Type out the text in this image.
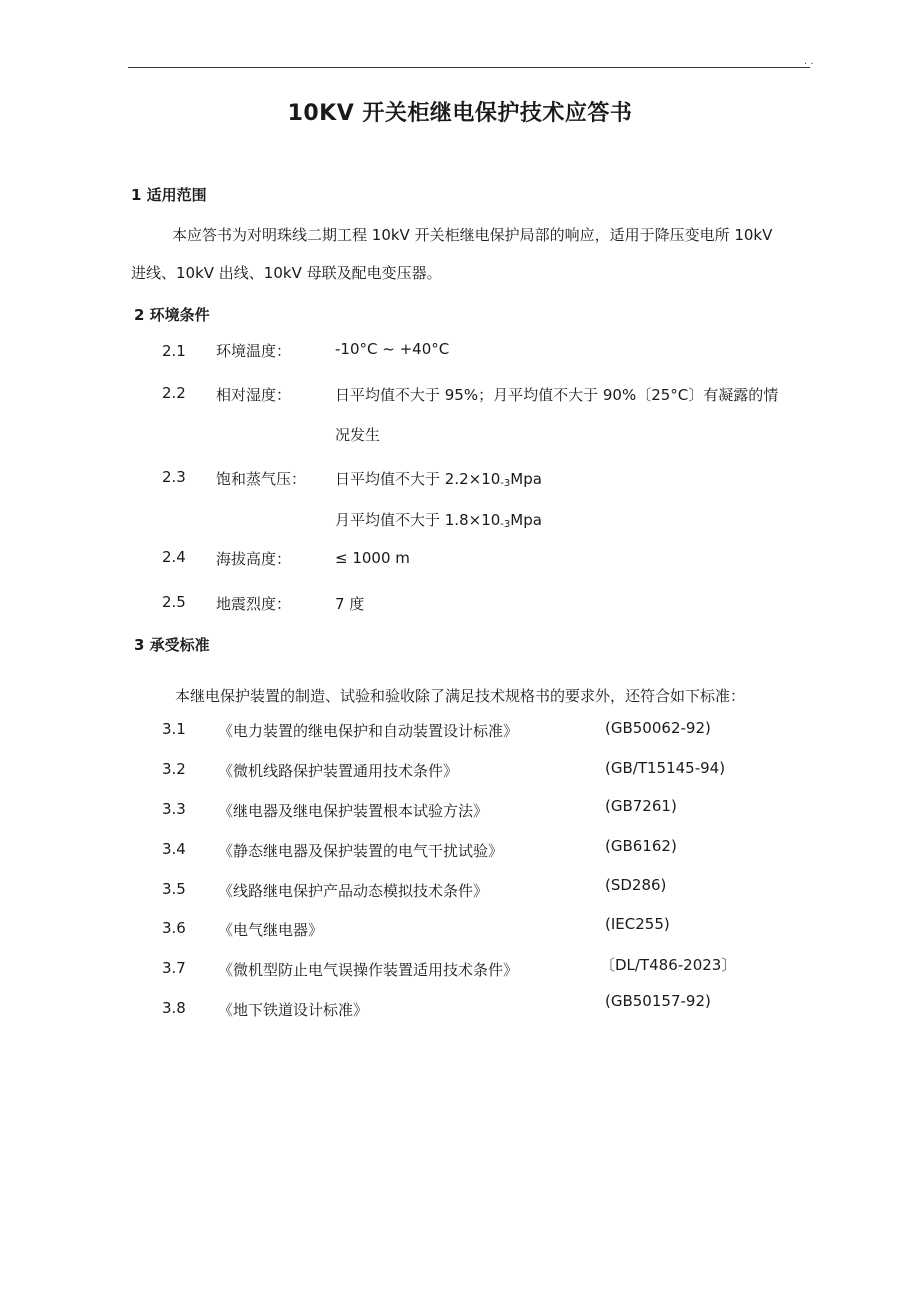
. .
10KV 开关柜继电保护技术应答书
1 适用范围
本应答书为对明珠线二期工程 10kV 开关柜继电保护局部的响应，适用于降压变电所 10kV
进线、10kV 出线、10kV 母联及配电变压器。
2 环境条件
2.1 环境温度：	-10°C ~ +40°C
2.2 相对湿度：	日平均值不大于 95%；月平均值不大于 90%〔25°C〕有凝露的情
况发生
2.3 饱和蒸气压： 日平均值不大于 $2.2\times 10_{-3}Mpa$
月平均值不大于 $1.8\times 10_{-3}Mpa$
2.4 海拔高度：	≤ 1000 m
2.5 地震烈度：	7 度
3 承受标准
本继电保护装置的制造、试验和验收除了满足技术规格书的要求外，还符合如下标准：
3.1 《电力装置的继电保护和自动装置设计标准》	(GB50062-92)
3.2 《微机线路保护装置通用技术条件》	(GB/T15145-94)
3.3 《继电器及继电保护装置根本试验方法》	(GB7261)
3.4 《静态继电器及保护装置的电气干扰试验》	(GB6162)
3.5 《线路继电保护产品动态模拟技术条件》	(SD286)
3.6 《电气继电器》	(IEC255)
3.7 《微机型防止电气误操作装置适用技术条件》	〔DL/T486-2023〕
3.8 《地下铁道设计标准》	(GB50157-92)
